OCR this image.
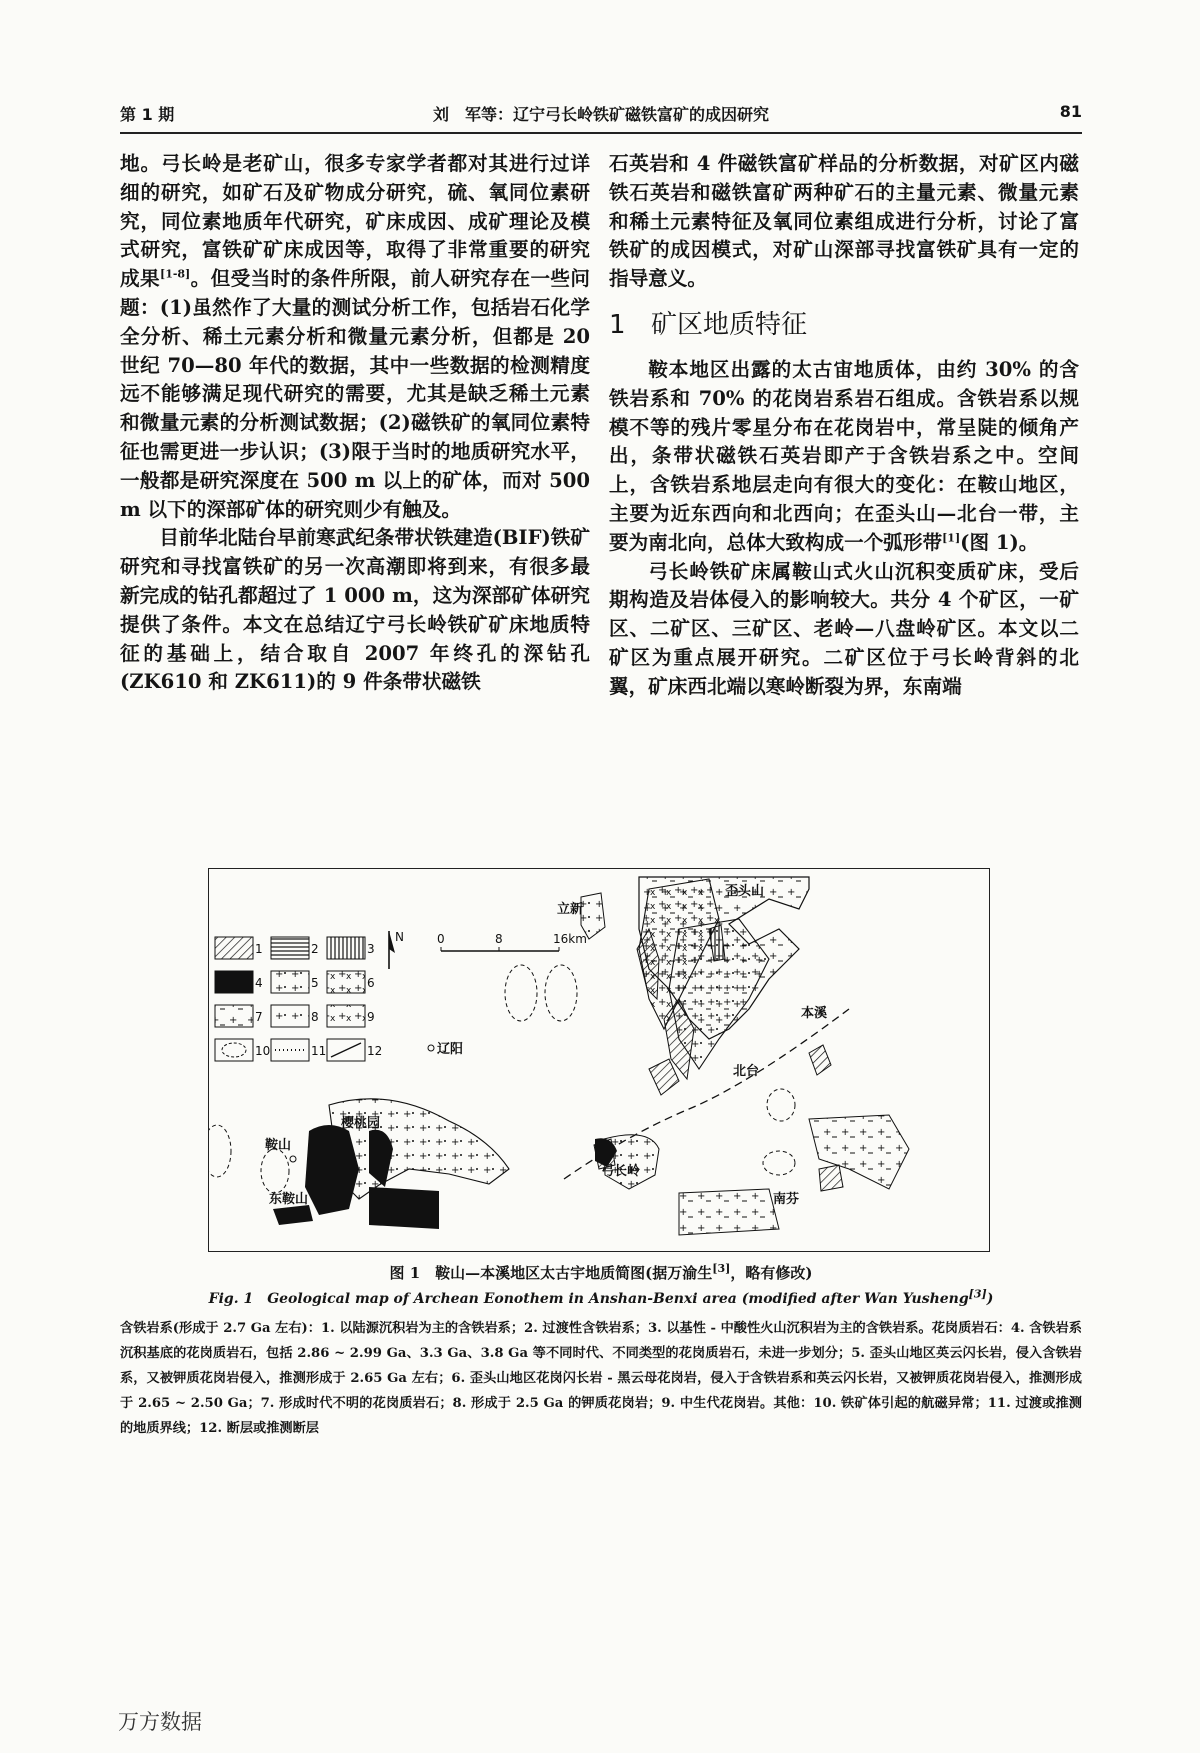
第 1 期	刘　军等：辽宁弓长岭铁矿磁铁富矿的成因研究	81

地。弓长岭是老矿山，很多专家学者都对其进行过详细的研究，如矿石及矿物成分研究，硫、氧同位素研究，同位素地质年代研究，矿床成因、成矿理论及模式研究，富铁矿矿床成因等，取得了非常重要的研究成果[1-8]。但受当时的条件所限，前人研究存在一些问题：(1)虽然作了大量的测试分析工作，包括岩石化学全分析、稀土元素分析和微量元素分析，但都是 20 世纪 70—80 年代的数据，其中一些数据的检测精度远不能够满足现代研究的需要，尤其是缺乏稀土元素和微量元素的分析测试数据；(2)磁铁矿的氧同位素特征也需更进一步认识；(3)限于当时的地质研究水平，一般都是研究深度在 500 m 以上的矿体，而对 500 m 以下的深部矿体的研究则少有触及。

目前华北陆台早前寒武纪条带状铁建造(BIF)铁矿研究和寻找富铁矿的另一次高潮即将到来，有很多最新完成的钻孔都超过了 1 000 m，这为深部矿体研究提供了条件。本文在总结辽宁弓长岭铁矿矿床地质特征的基础上，结合取自 2007 年终孔的深钻孔(ZK610 和 ZK611)的 9 件条带状磁铁

石英岩和 4 件磁铁富矿样品的分析数据，对矿区内磁铁石英岩和磁铁富矿两种矿石的主量元素、微量元素和稀土元素特征及氧同位素组成进行分析，讨论了富铁矿的成因模式，对矿山深部寻找富铁矿具有一定的指导意义。

1 矿区地质特征

鞍本地区出露的太古宙地质体，由约 30% 的含铁岩系和 70% 的花岗岩系岩石组成。含铁岩系以规模不等的残片零星分布在花岗岩中，常呈陡的倾角产出，条带状磁铁石英岩即产于含铁岩系之中。空间上，含铁岩系地层走向有很大的变化：在鞍山地区，主要为近东西向和北西向；在歪头山—北台一带，主要为南北向，总体大致构成一个弧形带[1](图 1)。

弓长岭铁矿床属鞍山式火山沉积变质矿床，受后期构造及岩体侵入的影响较大。共分 4 个矿区，一矿区、二矿区、三矿区、老岭—八盘岭矿区。本文以二矿区为重点展开研究。二矿区位于弓长岭背斜的北翼，矿床西北端以寒岭断裂为界，东南端

N	0	8	16km
1	2	3
4	5	6
7	8	9
10	11	12
立新
歪头山
本溪
辽阳
北台
樱桃园
鞍山
弓长岭
东鞍山	南芬
图 1　鞍山—本溪地区太古宇地质简图(据万渝生[3]，略有修改)
Fig. 1　Geological map of Archean Eonothem in Anshan-Benxi area (modified after Wan Yusheng[3])
含铁岩系(形成于 2.7 Ga 左右)：1. 以陆源沉积岩为主的含铁岩系；2. 过渡性含铁岩系；3. 以基性 - 中酸性火山沉积岩为主的含铁岩系。花岗质岩石：4. 含铁岩系沉积基底的花岗质岩石，包括 2.86 ~ 2.99 Ga、3.3 Ga、3.8 Ga 等不同时代、不同类型的花岗质岩石，未进一步划分；5. 歪头山地区英云闪长岩，侵入含铁岩系，又被钾质花岗岩侵入，推测形成于 2.65 Ga 左右；6. 歪头山地区花岗闪长岩 - 黑云母花岗岩，侵入于含铁岩系和英云闪长岩，又被钾质花岗岩侵入，推测形成于 2.65 ~ 2.50 Ga；7. 形成时代不明的花岗质岩石；8. 形成于 2.5 Ga 的钾质花岗岩；9. 中生代花岗岩。其他：10. 铁矿体引起的航磁异常；11. 过渡或推测的地质界线；12. 断层或推测断层
万方数据
